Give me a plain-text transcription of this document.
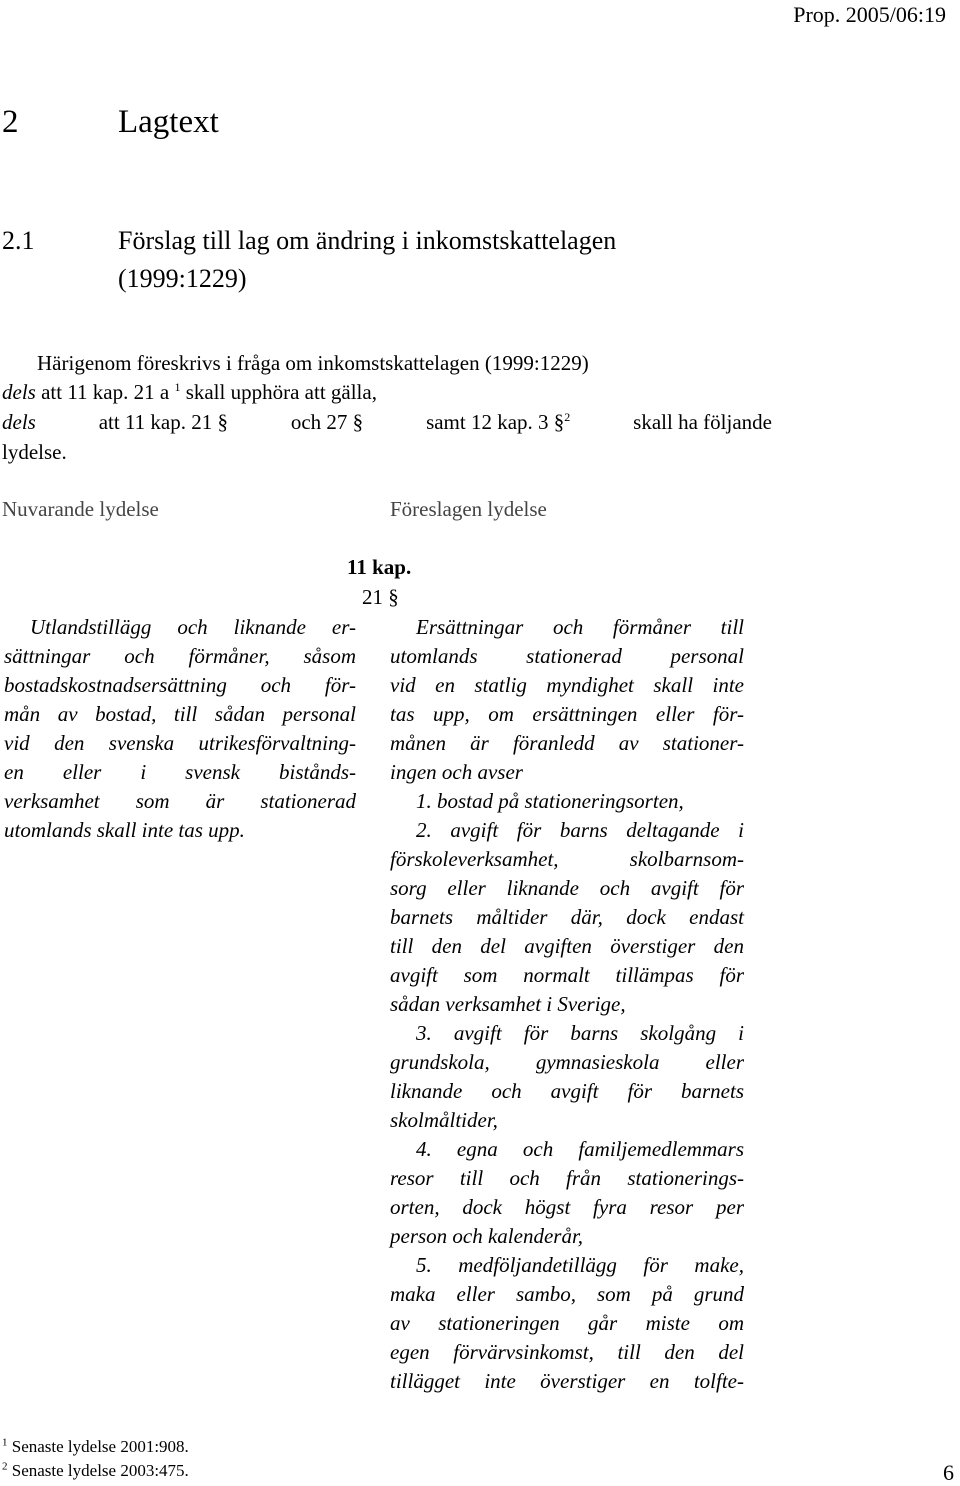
Prop. 2005/06:19
2	Lagtext
2.1	Förslag till lag om ändring i inkomstskattelagen
(1999:1229)
Härigenom föreskrivs i fråga om inkomstskattelagen (1999:1229)
dels att 11 kap. 21 a $^1$ skall upphöra att gälla,
dels	att 11 kap. 21 §	och 27 §	samt 12 kap. 3 §$^2$	skall ha följande
lydelse.
Nuvarande lydelse	Föreslagen lydelse
11 kap.
21 §
Utlandstillägg och liknande er-
sättningar och förmåner, såsom
bostadskostnadsersättning och för-
mån av bostad, till sådan personal
vid den svenska utrikesförvaltning-
en eller i svensk bistånds-
verksamhet som är stationerad
utomlands skall inte tas upp.
Ersättningar och förmåner till
utomlands stationerad personal
vid en statlig myndighet skall inte
tas upp, om ersättningen eller för-
månen är föranledd av stationer-
ingen och avser
1. bostad på stationeringsorten,
2. avgift för barns deltagande i
förskoleverksamhet, skolbarnsom-
sorg eller liknande och avgift för
barnets måltider där, dock endast
till den del avgiften överstiger den
avgift som normalt tillämpas för
sådan verksamhet i Sverige,
3. avgift för barns skolgång i
grundskola, gymnasieskola eller
liknande och avgift för barnets
skolmåltider,
4. egna och familjemedlemmars
resor till och från stationerings-
orten, dock högst fyra resor per
person och kalenderår,
5. medföljandetillägg för make,
maka eller sambo, som på grund
av stationeringen går miste om
egen förvärvsinkomst, till den del
tillägget inte överstiger en tolfte-
$^1$ Senaste lydelse 2001:908.
$^2$ Senaste lydelse 2003:475.	6
